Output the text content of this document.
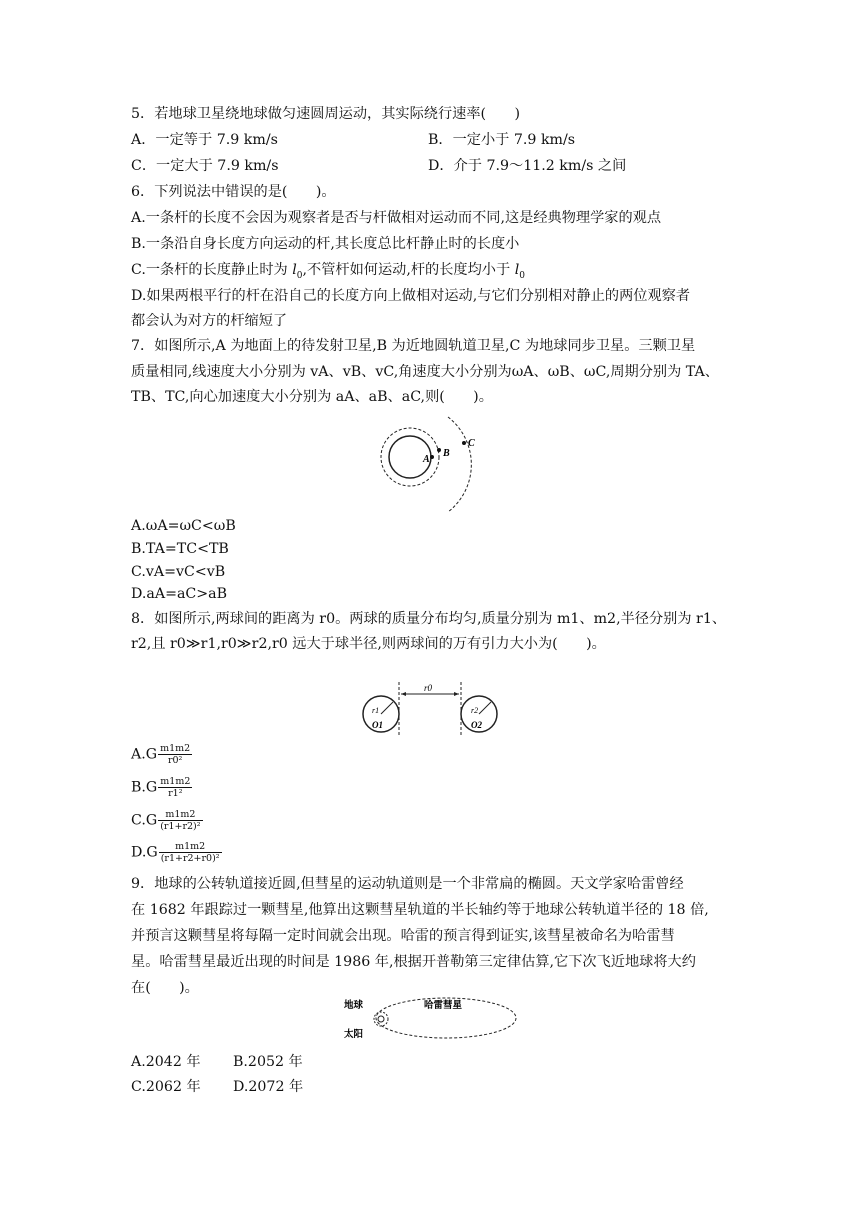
5．若地球卫星绕地球做匀速圆周运动，其实际绕行速率(　　)
A．一定等于 7.9 km/s	B．一定小于 7.9 km/s
C．一定大于 7.9 km/s	D．介于 7.9～11.2 km/s 之间
6．下列说法中错误的是(　　)。
A.一条杆的长度不会因为观察者是否与杆做相对运动而不同,这是经典物理学家的观点
B.一条沿自身长度方向运动的杆,其长度总比杆静止时的长度小
C.一条杆的长度静止时为 $l_0$,不管杆如何运动,杆的长度均小于 $l_0$
D.如果两根平行的杆在沿自己的长度方向上做相对运动,与它们分别相对静止的两位观察者
都会认为对方的杆缩短了
7．如图所示,A 为地面上的待发射卫星,B 为近地圆轨道卫星,C 为地球同步卫星。三颗卫星
质量相同,线速度大小分别为 vA、vB、vC,角速度大小分别为ωA、ωB、ωC,周期分别为 TA、
TB、TC,向心加速度大小分别为 aA、aB、aC,则(　　)。
A
B
C
A.ωA=ωC<ωB
B.TA=TC<TB
C.vA=vC<vB
D.aA=aC>aB
8．如图所示,两球间的距离为 r0。两球的质量分布均匀,质量分别为 m1、m2,半径分别为 r1、
r2,且 r0≫r1,r0≫r2,r0 远大于球半径,则两球间的万有引力大小为(　　)。
r0
r1	r2
O1	O2
$A.G \frac{m1m2}{\text{r0²}}$
$B.G \frac{m1m2}{\text{r1²}}$
$C.G \frac{m1m2}{\text{(r1+r2)²}}$
$D.G \frac{m1m2}{\text{(r1+r2+r0)²}}$
9．地球的公转轨道接近圆,但彗星的运动轨道则是一个非常扁的椭圆。天文学家哈雷曾经
在 1682 年跟踪过一颗彗星,他算出这颗彗星轨道的半长轴约等于地球公转轨道半径的 18 倍,
并预言这颗彗星将每隔一定时间就会出现。哈雷的预言得到证实,该彗星被命名为哈雷彗
星。哈雷彗星最近出现的时间是 1986 年,根据开普勒第三定律估算,它下次飞近地球将大约
在(　　)。
地球
太阳
哈雷彗星
A.2042 年 B.2052 年
C.2062 年 D.2072 年
